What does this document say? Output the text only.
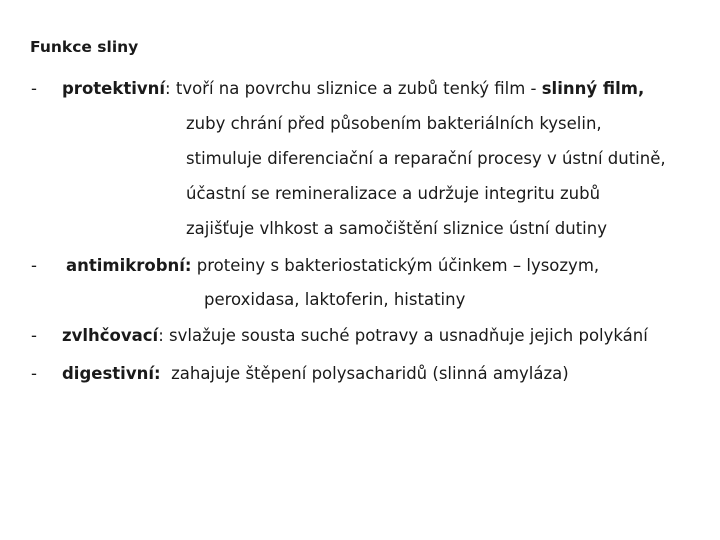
Funkce sliny
- protektivní: tvoří na povrchu sliznice a zubů tenký film - slinný film,
zuby chrání před působením bakteriálních kyselin,
stimuluje diferenciační a reparační procesy v ústní dutině,
účastní se remineralizace a udržuje integritu zubů
zajišťuje vlhkost a samočištění sliznice ústní dutiny
- antimikrobní: proteiny s bakteriostatickým účinkem – lysozym,
peroxidasa, laktoferin, histatiny
- zvlhčovací: svlažuje sousta suché potravy a usnadňuje jejich polykání
- digestivní:  zahajuje štěpení polysacharidů (slinná amyláza)
